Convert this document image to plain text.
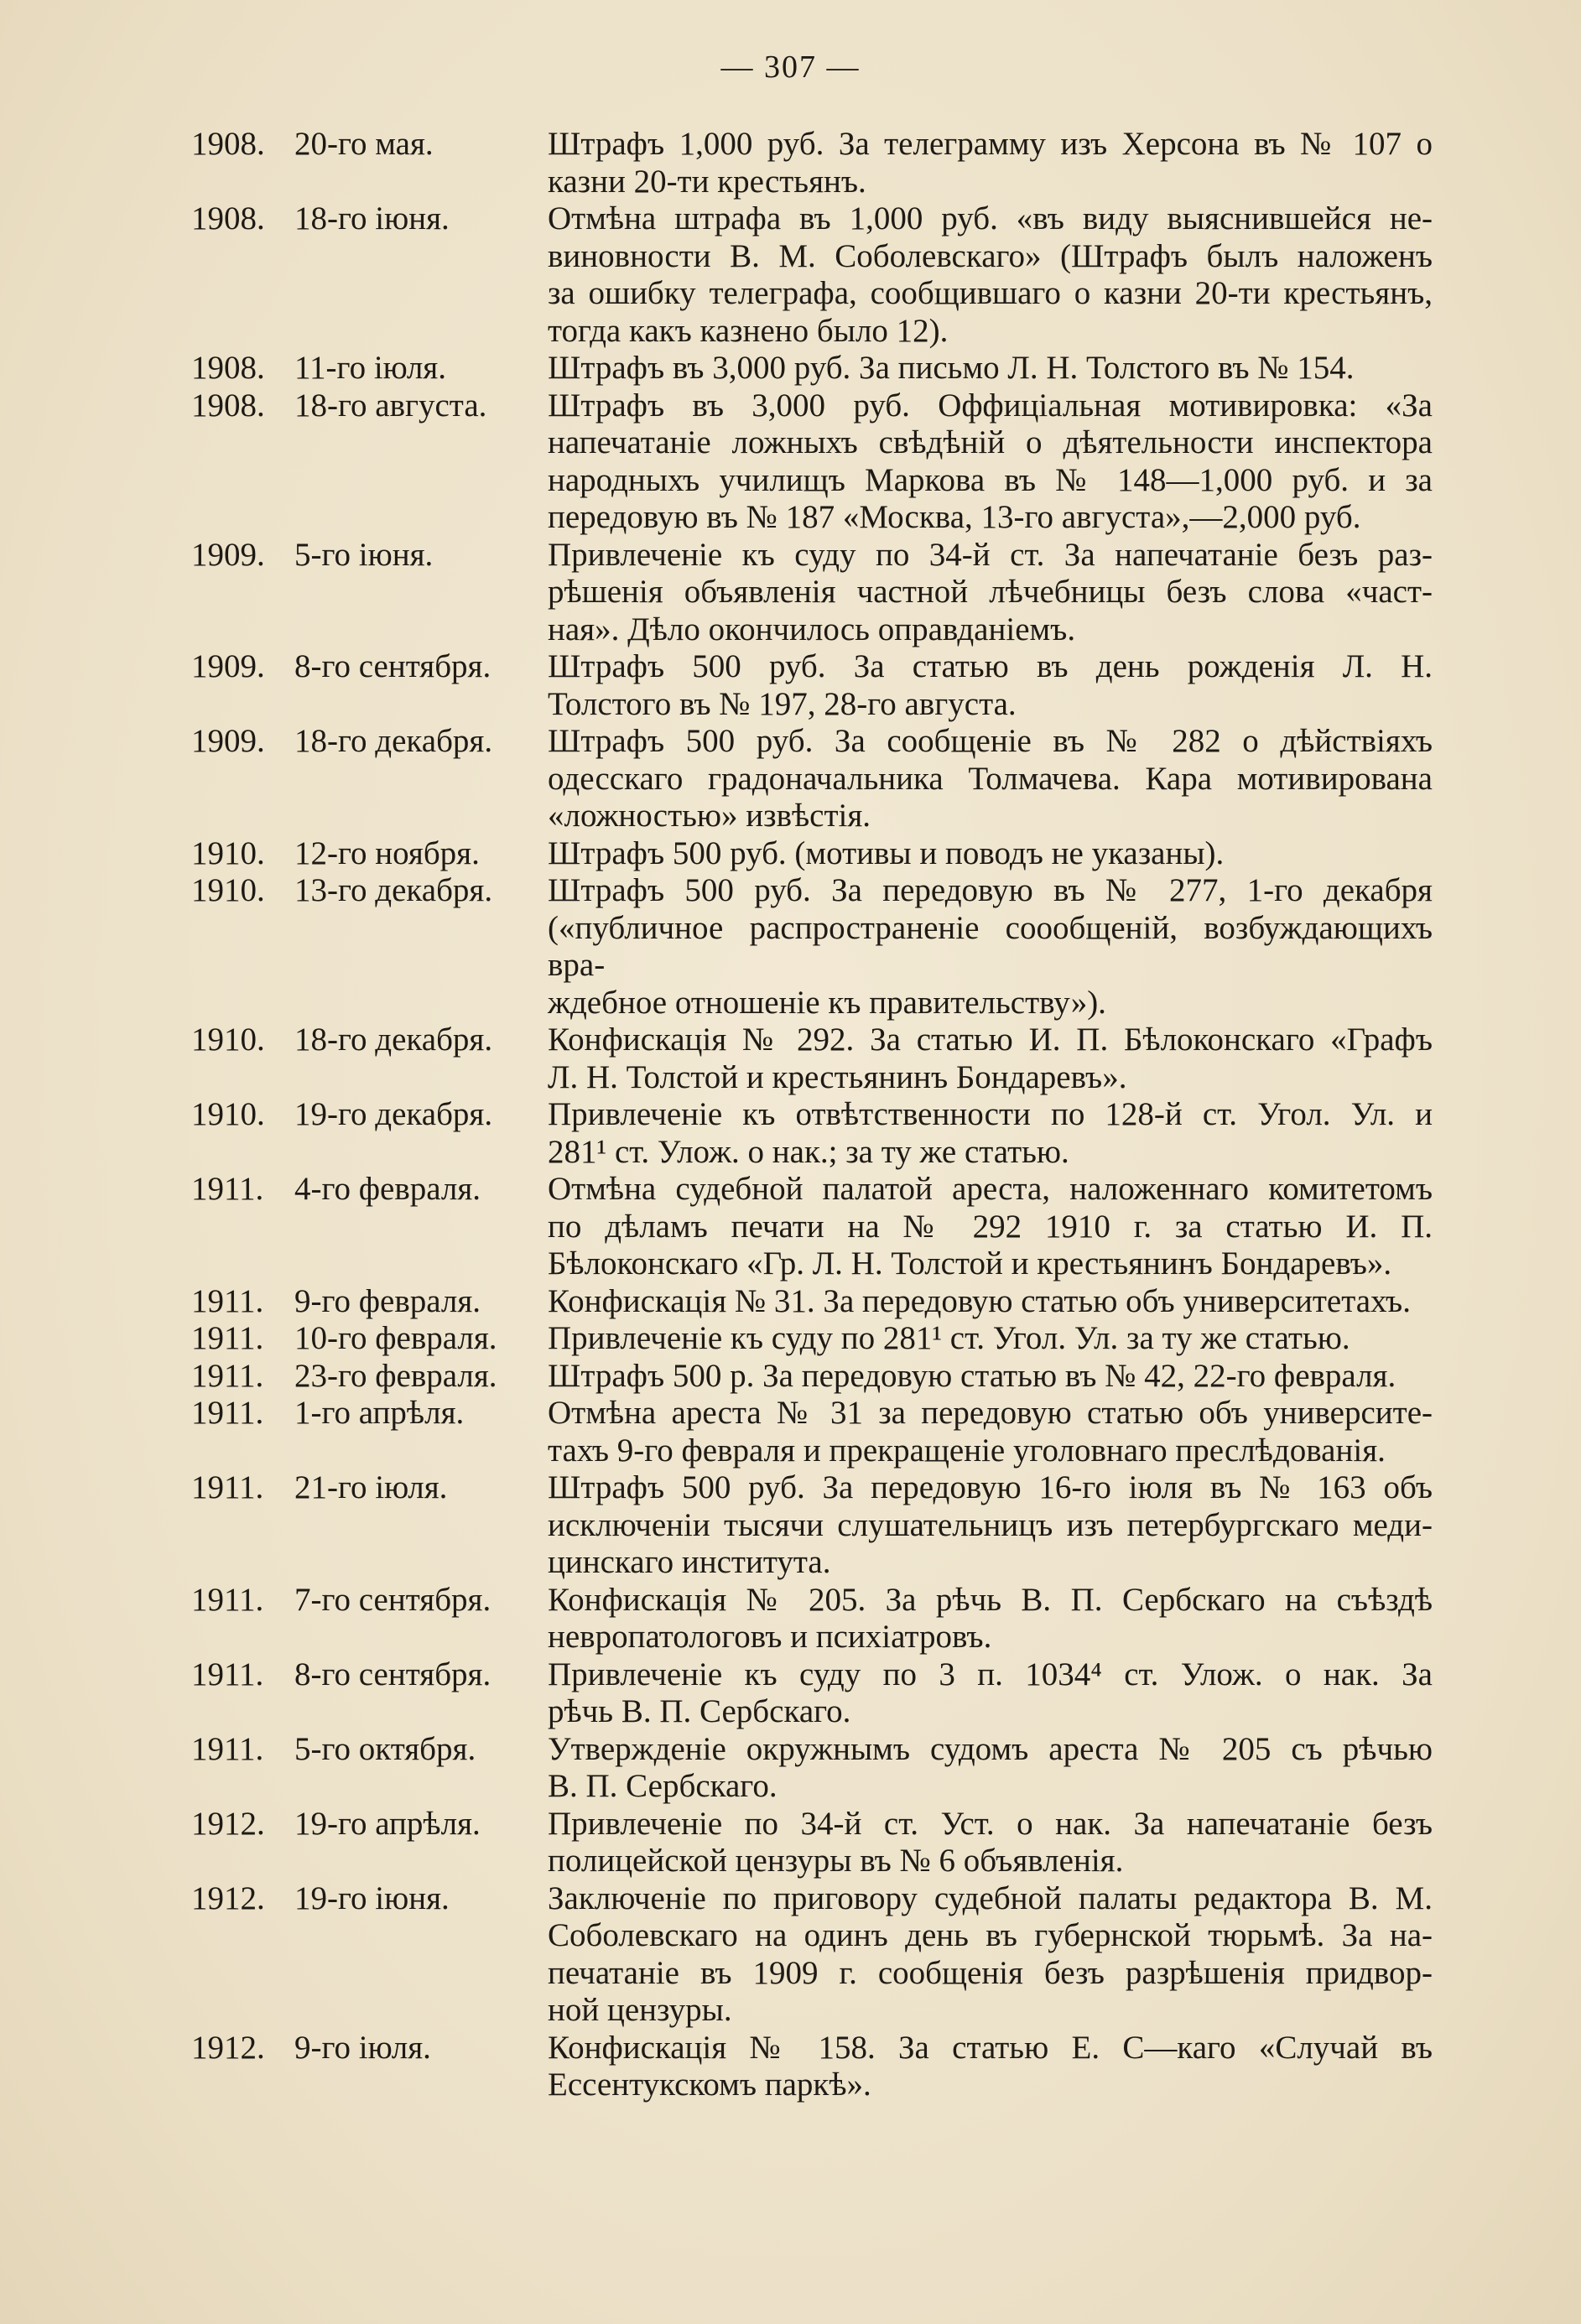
— 307 —
1908. 20-го мая.	Штрафъ 1,000 руб. За телеграмму изъ Херсона въ № 107 о
казни 20-ти крестьянъ.
1908. 18-го іюня.	Отмѣна штрафа въ 1,000 руб. «въ виду выяснившейся не-
виновности В. М. Соболевскаго» (Штрафъ былъ наложенъ
за ошибку телеграфа, сообщившаго о казни 20-ти крестьянъ,
тогда какъ казнено было 12).
1908. 11-го іюля.	Штрафъ въ 3,000 руб. За письмо Л. Н. Толстого въ № 154.
1908. 18-го августа.	Штрафъ въ 3,000 руб. Оффиціальная мотивировка: «За
напечатаніе ложныхъ свѣдѣній о дѣятельности инспектора
народныхъ училищъ Маркова въ № 148—1,000 руб. и за
передовую въ № 187 «Москва, 13-го августа»,—2,000 руб.
1909. 5-го іюня.	Привлеченіе къ суду по 34-й ст. За напечатаніе безъ раз-
рѣшенія объявленія частной лѣчебницы безъ слова «част-
ная». Дѣло окончилось оправданіемъ.
1909. 8-го сентября.	Штрафъ 500 руб. За статью въ день рожденія Л. Н.
Толстого въ № 197, 28-го августа.
1909. 18-го декабря.	Штрафъ 500 руб. За сообщеніе въ № 282 о дѣйствіяхъ
одесскаго градоначальника Толмачева. Кара мотивирована
«ложностью» извѣстія.
1910. 12-го ноября.	Штрафъ 500 руб. (мотивы и поводъ не указаны).
1910. 13-го декабря.	Штрафъ 500 руб. За передовую въ № 277, 1-го декабря
(«публичное распространеніе соообщеній, возбуждающихъ вра-
ждебное отношеніе къ правительству»).
1910. 18-го декабря.	Конфискація № 292. За статью И. П. Бѣлоконскаго «Графъ
Л. Н. Толстой и крестьянинъ Бондаревъ».
1910. 19-го декабря.	Привлеченіе къ отвѣтственности по 128-й ст. Угол. Ул. и
281¹ ст. Улож. о нак.; за ту же статью.
1911. 4-го февраля.	Отмѣна судебной палатой ареста, наложеннаго комитетомъ
по дѣламъ печати на № 292 1910 г. за статью И. П.
Бѣлоконскаго «Гр. Л. Н. Толстой и крестьянинъ Бондаревъ».
1911. 9-го февраля.	Конфискація № 31. За передовую статью объ университетахъ.
1911. 10-го февраля.	Привлеченіе къ суду по 281¹ ст. Угол. Ул. за ту же статью.
1911. 23-го февраля.	Штрафъ 500 р. За передовую статью въ № 42, 22-го февраля.
1911. 1-го апрѣля.	Отмѣна ареста № 31 за передовую статью объ университе-
тахъ 9-го февраля и прекращеніе уголовнаго преслѣдованія.
1911. 21-го іюля.	Штрафъ 500 руб. За передовую 16-го іюля въ № 163 объ
исключеніи тысячи слушательницъ изъ петербургскаго меди-
цинскаго института.
1911. 7-го сентября.	Конфискація № 205. За рѣчь В. П. Сербскаго на съѣздѣ
невропатологовъ и психіатровъ.
1911. 8-го сентября.	Привлеченіе къ суду по 3 п. 1034⁴ ст. Улож. о нак. За
рѣчь В. П. Сербскаго.
1911. 5-го октября.	Утвержденіе окружнымъ судомъ ареста № 205 съ рѣчью
В. П. Сербскаго.
1912. 19-го апрѣля.	Привлеченіе по 34-й ст. Уст. о нак. За напечатаніе безъ
полицейской цензуры въ № 6 объявленія.
1912. 19-го іюня.	Заключеніе по приговору судебной палаты редактора В. М.
Соболевскаго на одинъ день въ губернской тюрьмѣ. За на-
печатаніе въ 1909 г. сообщенія безъ разрѣшенія придвор-
ной цензуры.
1912. 9-го іюля.	Конфискація № 158. За статью Е. С—каго «Случай въ
Ессентукскомъ паркѣ».
